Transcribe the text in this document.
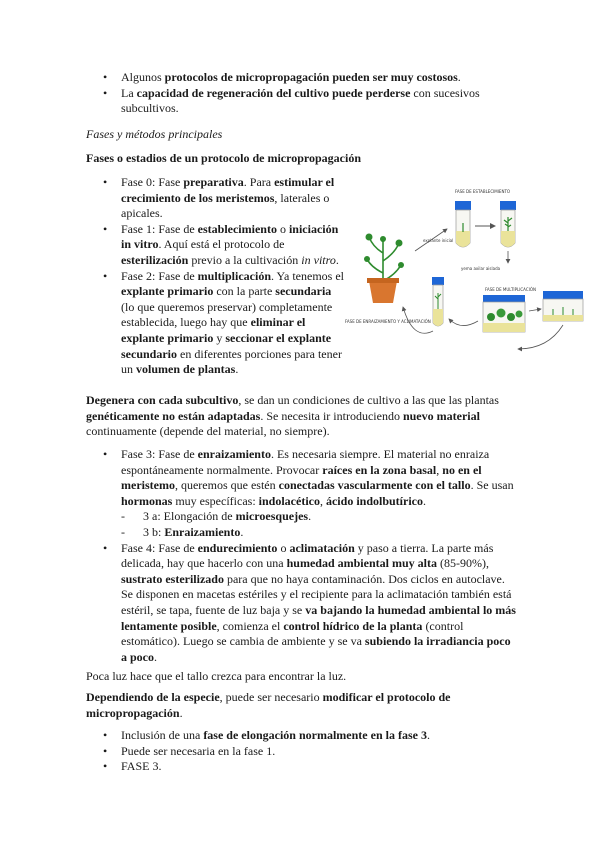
• Algunos protocolos de micropropagación pueden ser muy costosos.
• La capacidad de regeneración del cultivo puede perderse con sucesivos subcultivos.

Fases y métodos principales

Fases o estadios de un protocolo de micropropagación

• Fase 0: Fase preparativa. Para estimular el crecimiento de los meristemos, laterales o apicales.
• Fase 1: Fase de establecimiento o iniciación in vitro. Aquí está el protocolo de esterilización previo a la cultivación in vitro.
• Fase 2: Fase de multiplicación. Ya tenemos el explante primario con la parte secundaria (lo que queremos preservar) completamente establecida, luego hay que eliminar el explante primario y seccionar el explante secundario en diferentes porciones para tener un volumen de plantas.
FASE DE ESTABLECIMIENTO
explante inicial
yema axilar aislada
FASE DE MULTIPLICACIÓN
FASE DE ENRAIZAMIENTO Y ACLIMATACIÓN

Degenera con cada subcultivo, se dan un condiciones de cultivo a las que las plantas genéticamente no están adaptadas. Se necesita ir introduciendo nuevo material continuamente (depende del material, no siempre).

• Fase 3: Fase de enraizamiento. Es necesaria siempre. El material no enraiza espontáneamente normalmente. Provocar raíces en la zona basal, no en el meristemo, queremos que estén conectadas vascularmente con el tallo. Se usan hormonas muy específicas: indolacético, ácido indolbutírico.
- 3 a: Elongación de microesquejes.
- 3 b: Enraizamiento.
• Fase 4: Fase de endurecimiento o aclimatación y paso a tierra. La parte más delicada, hay que hacerlo con una humedad ambiental muy alta (85-90%), sustrato esterilizado para que no haya contaminación. Dos ciclos en autoclave. Se disponen en macetas estériles y el recipiente para la aclimatación también está estéril, se tapa, fuente de luz baja y se va bajando la humedad ambiental lo más lentamente posible, comienza el control hídrico de la planta (control estomático). Luego se cambia de ambiente y se va subiendo la irradiancia poco a poco.

Poca luz hace que el tallo crezca para encontrar la luz.

Dependiendo de la especie, puede ser necesario modificar el protocolo de micropropagación.

• Inclusión de una fase de elongación normalmente en la fase 3.
• Puede ser necesaria en la fase 1.
• FASE 3.
